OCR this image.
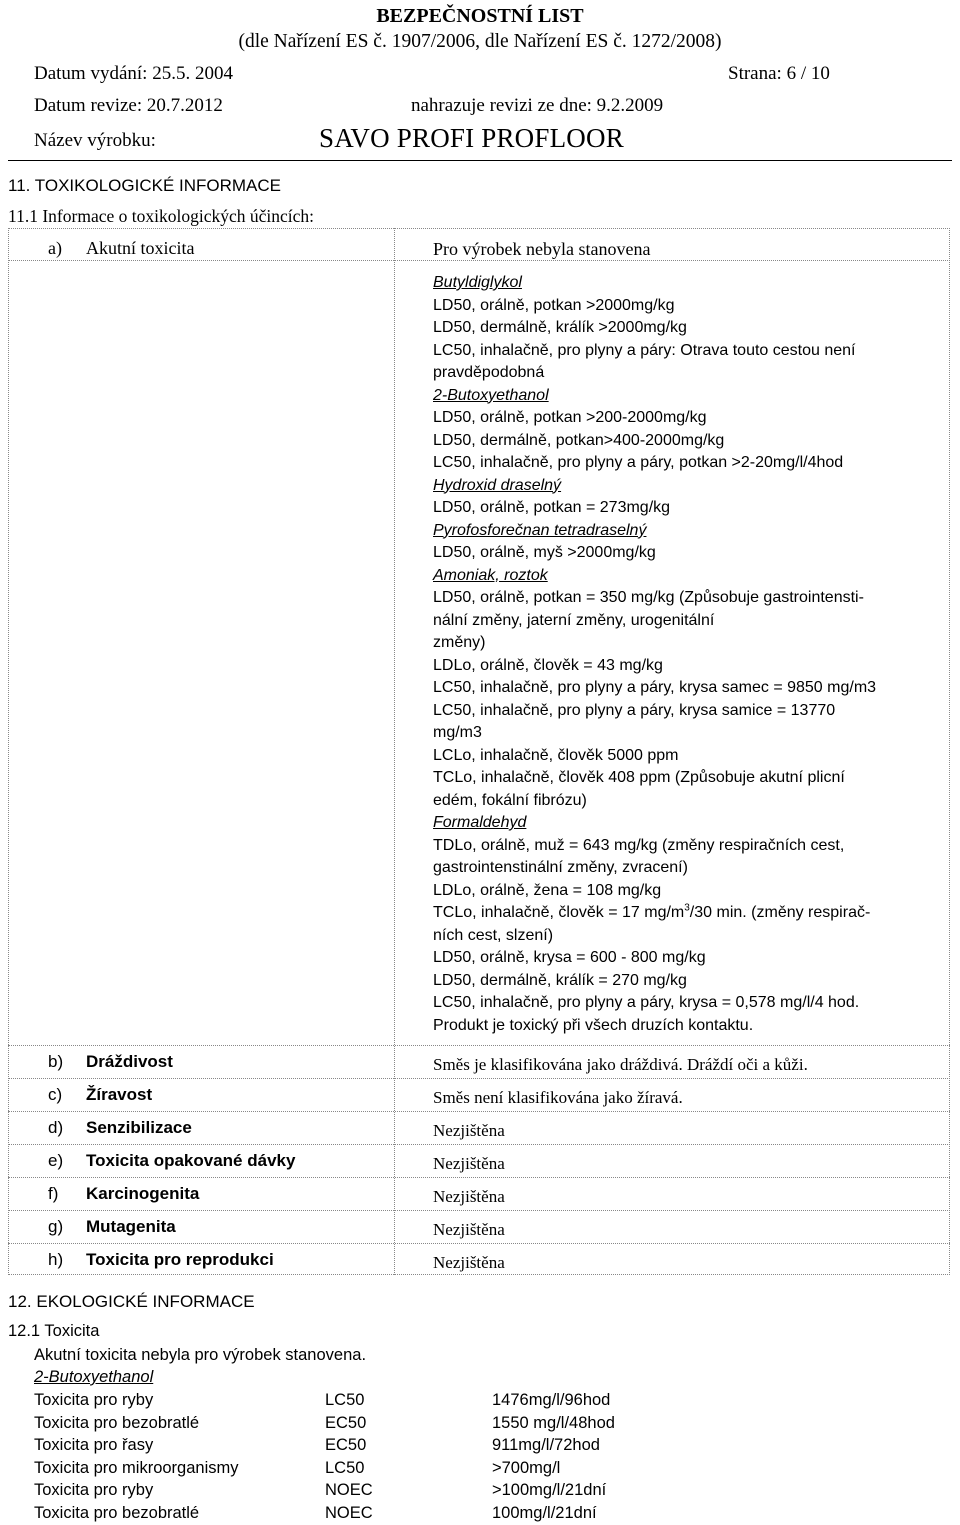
BEZPEČNOSTNÍ LIST
(dle Nařízení ES č. 1907/2006, dle Nařízení ES č. 1272/2008)
Datum vydání: 25.5. 2004	Strana: 6 / 10
Datum revize: 20.7.2012	nahrazuje revizi ze dne: 9.2.2009
Název výrobku:	SAVO PROFI PROFLOOR
11. TOXIKOLOGICKÉ INFORMACE
11.1 Informace o toxikologických účincích:
a) Akutní toxicita	Pro výrobek nebyla stanovena
Butyldiglykol
LD50, orálně, potkan >2000mg/kg
LD50, dermálně, králík >2000mg/kg
LC50, inhalačně, pro plyny a páry: Otrava touto cestou není
pravděpodobná
2-Butoxyethanol
LD50, orálně, potkan >200-2000mg/kg
LD50, dermálně, potkan>400-2000mg/kg
LC50, inhalačně, pro plyny a páry, potkan >2-20mg/l/4hod
Hydroxid draselný
LD50, orálně, potkan = 273mg/kg
Pyrofosforečnan tetradraselný
LD50, orálně, myš >2000mg/kg
Amoniak, roztok
LD50, orálně, potkan = 350 mg/kg (Způsobuje gastrointensti-
nální změny, jaterní změny, urogenitální
změny)
LDLo, orálně, člověk = 43 mg/kg
LC50, inhalačně, pro plyny a páry, krysa samec = 9850 mg/m3
LC50, inhalačně, pro plyny a páry, krysa samice = 13770
mg/m3
LCLo, inhalačně, člověk 5000 ppm
TCLo, inhalačně, člověk 408 ppm (Způsobuje akutní plicní
edém, fokální fibrózu)
Formaldehyd
TDLo, orálně, muž = 643 mg/kg (změny respiračních cest,
gastrointenstinální změny, zvracení)
LDLo, orálně, žena = 108 mg/kg
TCLo, inhalačně, člověk = 17 $mg/m^3/30$ min. (změny respirač-
ních cest, slzení)
LD50, orálně, krysa = 600 - 800 mg/kg
LD50, dermálně, králík = 270 mg/kg
LC50, inhalačně, pro plyny a páry, krysa = 0,578 mg/l/4 hod.
Produkt je toxický při všech druzích kontaktu.
b) Dráždivost	Směs je klasifikována jako dráždivá. Dráždí oči a kůži.
c) Žíravost	Směs není klasifikována jako žíravá.
d) Senzibilizace	Nezjištěna
e) Toxicita opakované dávky	Nezjištěna
f) Karcinogenita	Nezjištěna
g) Mutagenita	Nezjištěna
h) Toxicita pro reprodukci	Nezjištěna
12. EKOLOGICKÉ INFORMACE
12.1 Toxicita
Akutní toxicita nebyla pro výrobek stanovena.
2-Butoxyethanol
Toxicita pro ryby	LC50	1476mg/l/96hod
Toxicita pro bezobratlé	EC50	1550 mg/l/48hod
Toxicita pro řasy	EC50	911mg/l/72hod
Toxicita pro mikroorganismy	LC50	>700mg/l
Toxicita pro ryby	NOEC	>100mg/l/21dní
Toxicita pro bezobratlé	NOEC	100mg/l/21dní
